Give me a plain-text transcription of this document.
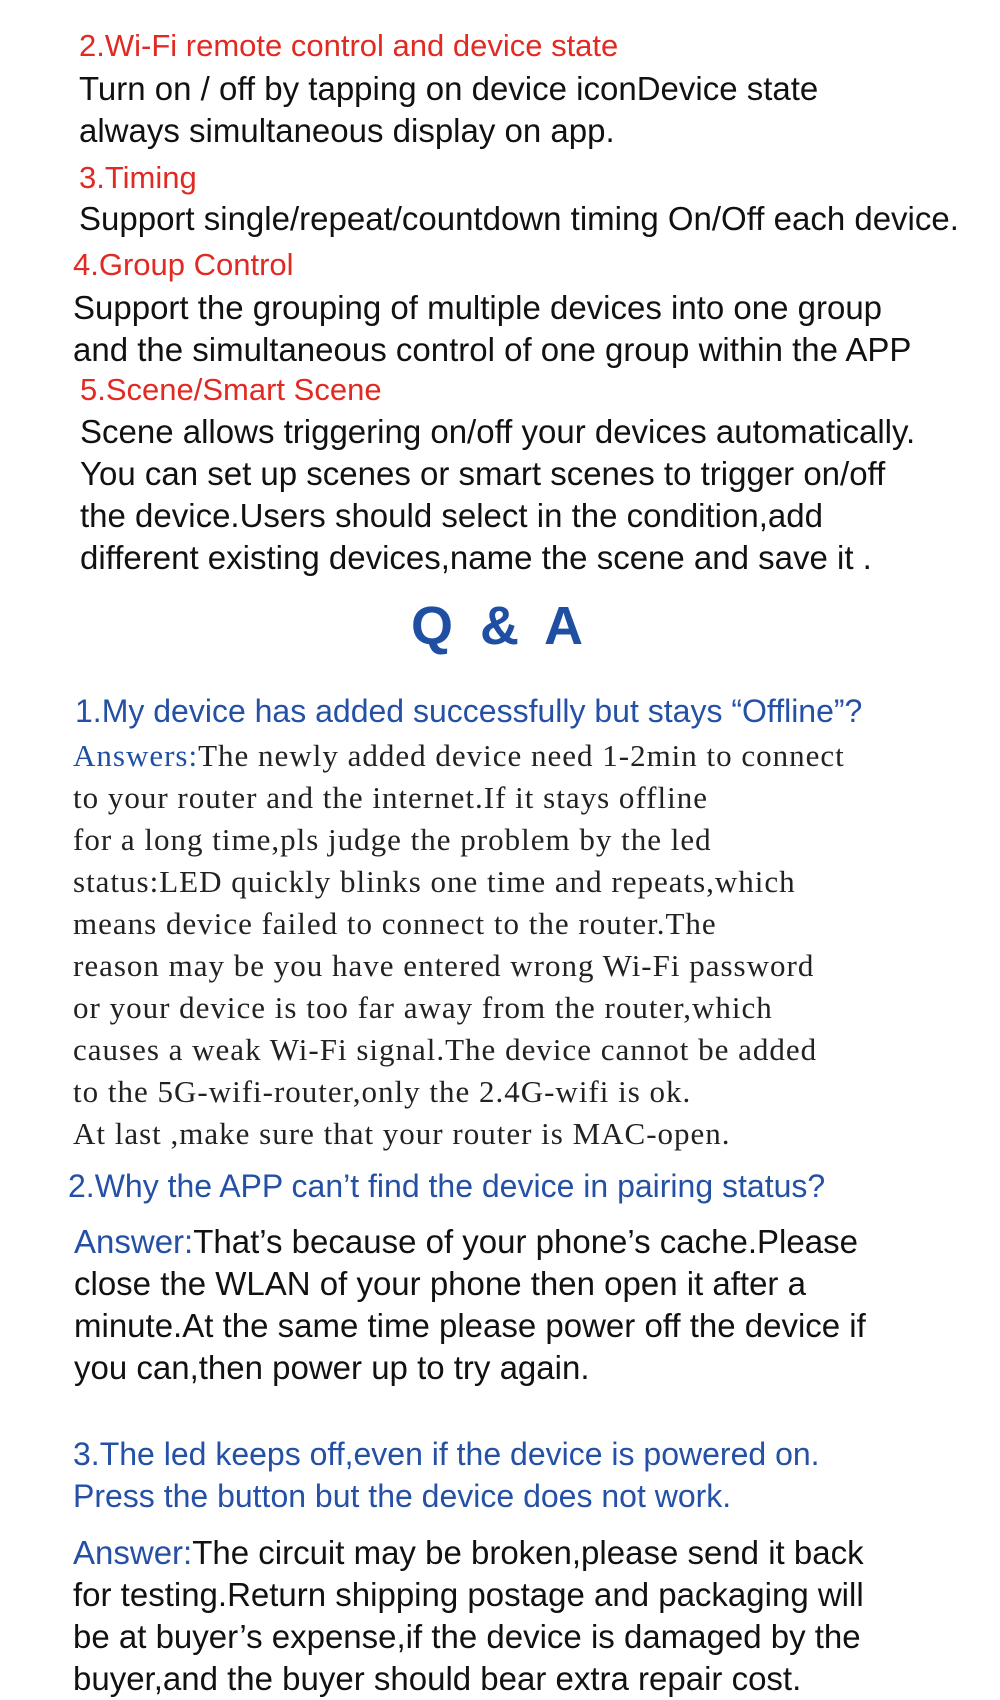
2.Wi-Fi remote control and device state
Turn on / off by tapping on device iconDevice state
always simultaneous display on app.
3.Timing
Support single/repeat/countdown timing On/Off each device.
4.Group Control
Support the grouping of multiple devices into one group
and the simultaneous control of one group within the APP
5.Scene/Smart Scene
Scene allows triggering on/off your devices automatically.
You can set up scenes or smart scenes to trigger on/off
the device.Users should select in the condition,add
different existing devices,name the scene and save it .
Q & A
1.My device has added successfully but stays “Offline”?
Answers:The newly added device need 1-2min to connect
to your router and the internet.If it stays offline
for a long time,pls judge the problem by the led
status:LED quickly blinks one time and repeats,which
means device failed to connect to the router.The
reason may be you have entered wrong Wi-Fi password
or your device is too far away from the router,which
causes a weak Wi-Fi signal.The device cannot be added
to the 5G-wifi-router,only the 2.4G-wifi is ok.
At last ,make sure that your router is MAC-open.
2.Why the APP can’t find the device in pairing status?
Answer:That’s because of your phone’s cache.Please
close the WLAN of your phone then open it after a
minute.At the same time please power off the device if
you can,then power up to try again.
3.The led keeps off,even if the device is powered on.
Press the button but the device does not work.
Answer:The circuit may be broken,please send it back
for testing.Return shipping postage and packaging will
be at buyer’s expense,if the device is damaged by the
buyer,and the buyer should bear extra repair cost.
